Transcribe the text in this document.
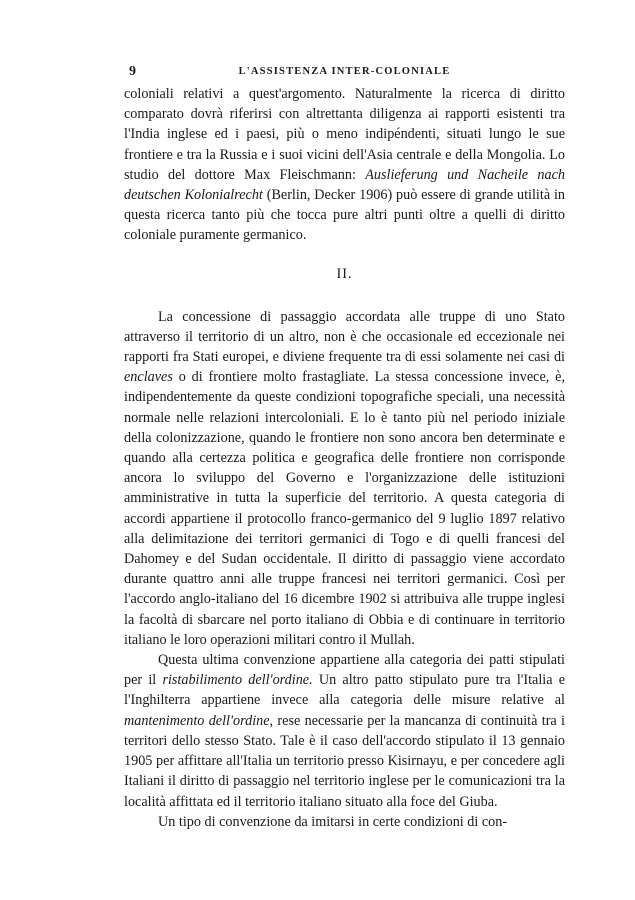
9	L'ASSISTENZA INTER-COLONIALE

coloniali relativi a quest'argomento. Naturalmente la ricerca di diritto comparato dovrà riferirsi con altrettanta diligenza ai rapporti esistenti tra l'India inglese ed i paesi, più o meno indipéndenti, situati lungo le sue frontiere e tra la Russia e i suoi vicini dell'Asia centrale e della Mongolia. Lo studio del dottore Max Fleischmann: Auslieferung und Nacheile nach deutschen Kolonialrecht (Berlin, Decker 1906) può essere di grande utilità in questa ricerca tanto più che tocca pure altri punti oltre a quelli di diritto coloniale puramente germanico.

II.

La concessione di passaggio accordata alle truppe di uno Stato attraverso il territorio di un altro, non è che occasionale ed eccezionale nei rapporti fra Stati europei, e diviene frequente tra di essi solamente nei casi di enclaves o di frontiere molto frastagliate. La stessa concessione invece, è, indipendentemente da queste condizioni topografiche speciali, una necessità normale nelle relazioni intercoloniali. E lo è tanto più nel periodo iniziale della colonizzazione, quando le frontiere non sono ancora ben determinate e quando alla certezza politica e geografica delle frontiere non corrisponde ancora lo sviluppo del Governo e l'organizzazione delle istituzioni amministrative in tutta la superficie del territorio. A questa categoria di accordi appartiene il protocollo franco-germanico del 9 luglio 1897 relativo alla delimitazione dei territori germanici di Togo e di quelli francesi del Dahomey e del Sudan occidentale. Il diritto di passaggio viene accordato durante quattro anni alle truppe francesi nei territori germanici. Così per l'accordo anglo-italiano del 16 dicembre 1902 si attribuiva alle truppe inglesi la facoltà di sbarcare nel porto italiano di Obbia e di continuare in territorio italiano le loro operazioni militari contro il Mullah.

Questa ultima convenzione appartiene alla categoria dei patti stipulati per il ristabilimento dell'ordine. Un altro patto stipulato pure tra l'Italia e l'Inghilterra appartiene invece alla categoria delle misure relative al mantenimento dell'ordine, rese necessarie per la mancanza di continuità tra i territori dello stesso Stato. Tale è il caso dell'accordo stipulato il 13 gennaio 1905 per affittare all'Italia un territorio presso Kisirnayu, e per concedere agli Italiani il diritto di passaggio nel territorio inglese per le comunicazioni tra la località affittata ed il territorio italiano situato alla foce del Giuba.

Un tipo di convenzione da imitarsi in certe condizioni di con-
